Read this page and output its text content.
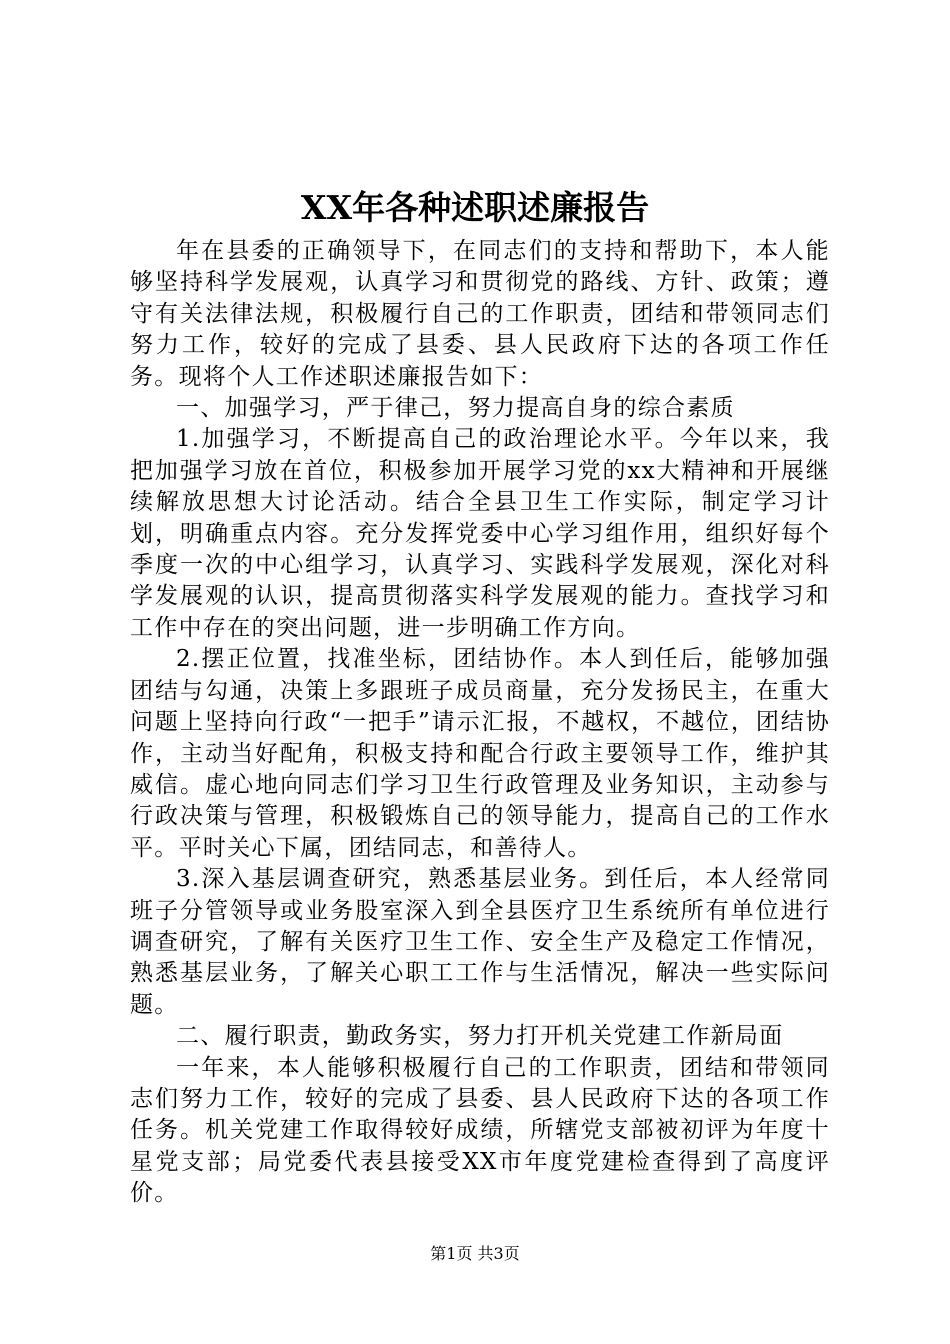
XX年各种述职述廉报告

年在县委的正确领导下，在同志们的支持和帮助下，本人能够坚持科学发展观，认真学习和贯彻党的路线、方针、政策；遵守有关法律法规，积极履行自己的工作职责，团结和带领同志们努力工作，较好的完成了县委、县人民政府下达的各项工作任务。现将个人工作述职述廉报告如下：

一、加强学习，严于律己，努力提高自身的综合素质

1.加强学习，不断提高自己的政治理论水平。今年以来，我把加强学习放在首位，积极参加开展学习党的xx大精神和开展继续解放思想大讨论活动。结合全县卫生工作实际，制定学习计划，明确重点内容。充分发挥党委中心学习组作用，组织好每个季度一次的中心组学习，认真学习、实践科学发展观，深化对科学发展观的认识，提高贯彻落实科学发展观的能力。查找学习和工作中存在的突出问题，进一步明确工作方向。

2.摆正位置，找准坐标，团结协作。本人到任后，能够加强团结与勾通，决策上多跟班子成员商量，充分发扬民主，在重大问题上坚持向行政“一把手”请示汇报，不越权，不越位，团结协作，主动当好配角，积极支持和配合行政主要领导工作，维护其威信。虚心地向同志们学习卫生行政管理及业务知识，主动参与行政决策与管理，积极锻炼自己的领导能力，提高自己的工作水平。平时关心下属，团结同志，和善待人。

3.深入基层调查研究，熟悉基层业务。到任后，本人经常同班子分管领导或业务股室深入到全县医疗卫生系统所有单位进行调查研究，了解有关医疗卫生工作、安全生产及稳定工作情况，熟悉基层业务，了解关心职工工作与生活情况，解决一些实际问题。

二、履行职责，勤政务实，努力打开机关党建工作新局面

一年来，本人能够积极履行自己的工作职责，团结和带领同志们努力工作，较好的完成了县委、县人民政府下达的各项工作任务。机关党建工作取得较好成绩，所辖党支部被初评为年度十星党支部；局党委代表县接受XX市年度党建检查得到了高度评价。

第1页 共3页
